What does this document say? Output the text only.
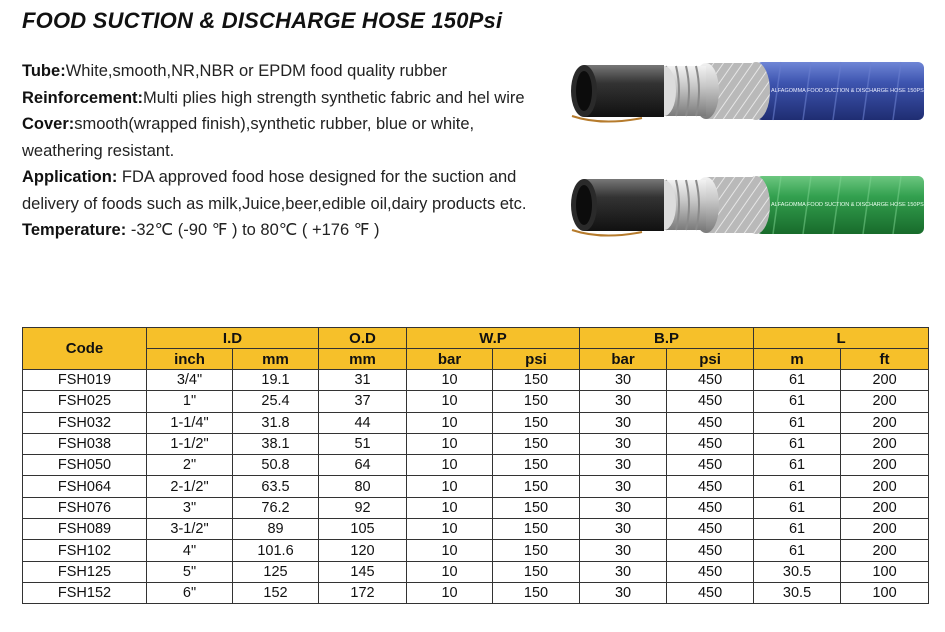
FOOD SUCTION & DISCHARGE HOSE 150Psi

Tube:White,smooth,NR,NBR or EPDM food quality rubber

Reinforcement:Multi plies high strength synthetic fabric and hel wire

Cover:smooth(wrapped finish),synthetic rubber, blue or white, weathering resistant.

Application: FDA approved food hose designed for the suction and delivery of foods such as milk,Juice,beer,edible oil,dairy products etc.

Temperature: -32℃ (-90 ℉ ) to 80℃ ( +176 ℉ )

ALFAGOMMA FOOD SUCTION & DISCHARGE HOSE 150PSI
ALFAGOMMA FOOD SUCTION & DISCHARGE HOSE 150PSI
Code	I.D		O.D	W.P		B.P		L	
	inch	mm	mm	bar	psi	bar	psi	m	ft
FSH019	3/4"	19.1	31	10	150	30	450	61	200
FSH025	1"	25.4	37	10	150	30	450	61	200
FSH032	1-1/4"	31.8	44	10	150	30	450	61	200
FSH038	1-1/2"	38.1	51	10	150	30	450	61	200
FSH050	2"	50.8	64	10	150	30	450	61	200
FSH064	2-1/2"	63.5	80	10	150	30	450	61	200
FSH076	3"	76.2	92	10	150	30	450	61	200
FSH089	3-1/2"	89	105	10	150	30	450	61	200
FSH102	4"	101.6	120	10	150	30	450	61	200
FSH125	5"	125	145	10	150	30	450	30.5	100
FSH152	6"	152	172	10	150	30	450	30.5	100
